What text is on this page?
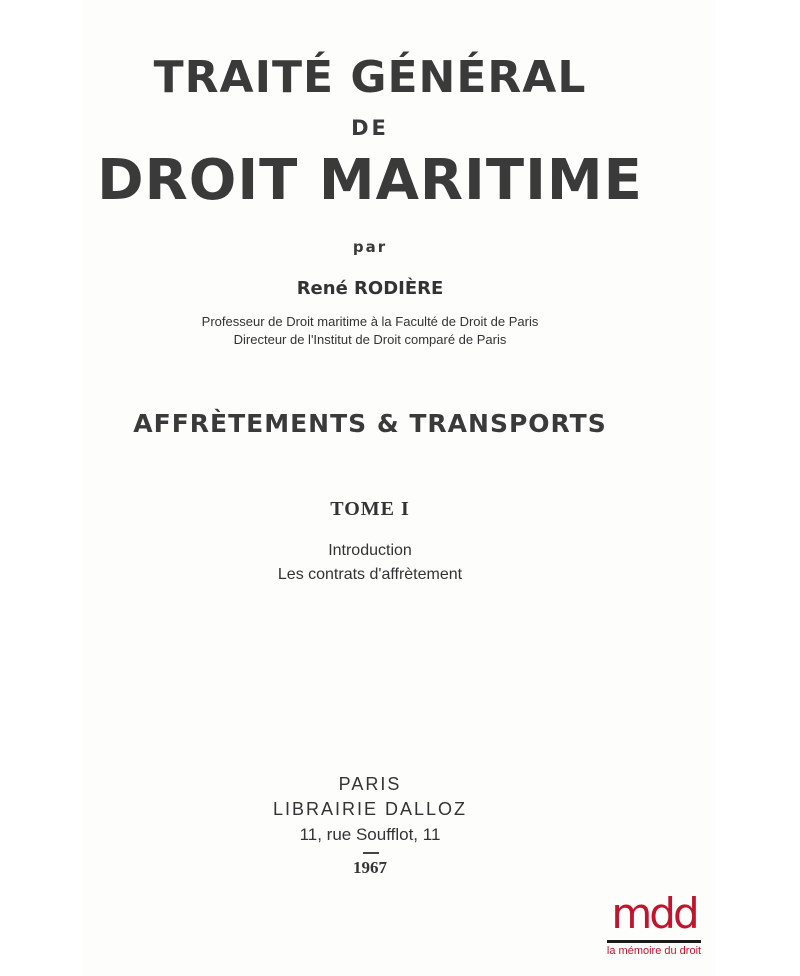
TRAITÉ GÉNÉRAL
DE
DROIT MARITIME
par
René RODIÈRE
Professeur de Droit maritime à la Faculté de Droit de Paris
Directeur de l'Institut de Droit comparé de Paris
AFFRÈTEMENTS & TRANSPORTS
TOME I
Introduction
Les contrats d'affrètement
PARIS
LIBRAIRIE DALLOZ
11, rue Soufflot, 11
1967
mdd
la mémoire du droit
